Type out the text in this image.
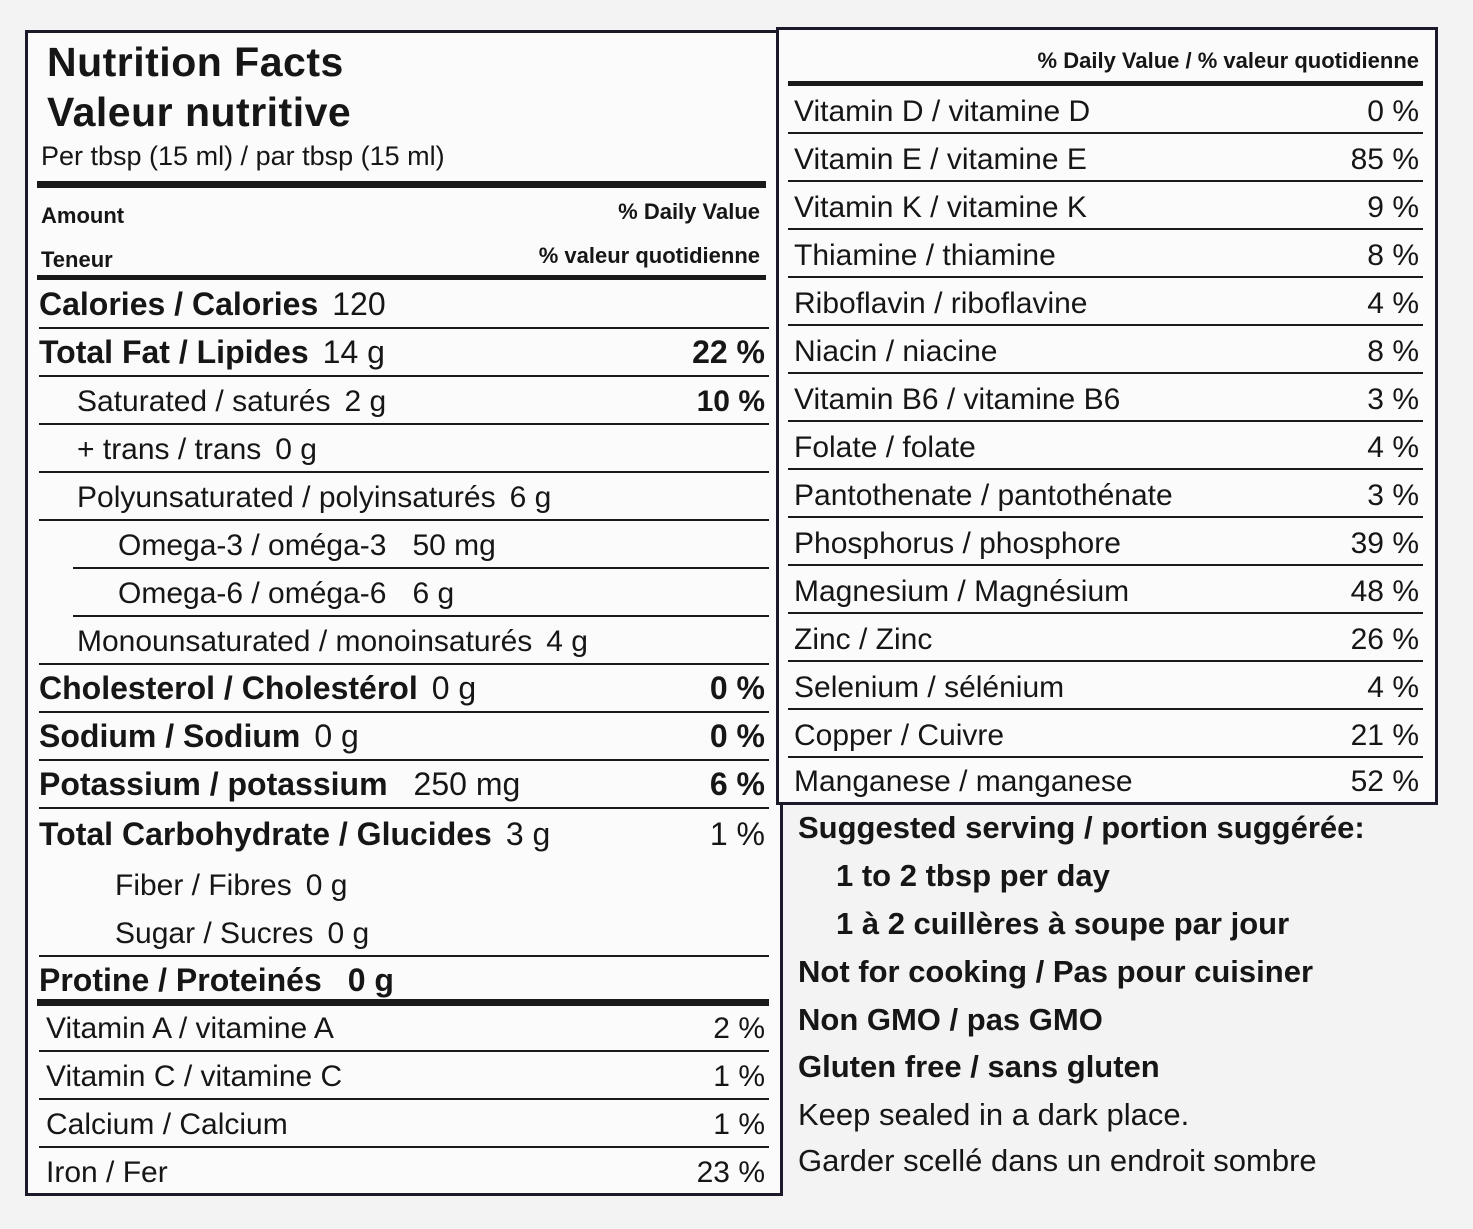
Nutrition Facts
Valeur nutritive
Per tbsp (15 ml) / par tbsp (15 ml)
Amount	% Daily Value
Teneur	% valeur quotidienne
Calories / Calories 120
Total Fat / Lipides 14 g	22 %
Saturated / saturés 2 g	10 %
+ trans / trans 0 g
Polyunsaturated / polyinsaturés 6 g
Omega-3 / oméga-3 50 mg
Omega-6 / oméga-6 6 g
Monounsaturated / monoinsaturés 4 g
Cholesterol / Cholestérol 0 g	0 %
Sodium / Sodium 0 g	0 %
Potassium / potassium 250 mg	6 %
Total Carbohydrate / Glucides 3 g	1 %
Fiber / Fibres 0 g
Sugar / Sucres 0 g
Protine / Proteinés 0 g
Vitamin A / vitamine A	2 %
Vitamin C / vitamine C	1 %
Calcium / Calcium	1 %
Iron / Fer	23 %
% Daily Value / % valeur quotidienne
Vitamin D / vitamine D	0 %
Vitamin E / vitamine E	85 %
Vitamin K / vitamine K	9 %
Thiamine / thiamine	8 %
Riboflavin / riboflavine	4 %
Niacin / niacine	8 %
Vitamin B6 / vitamine B6	3 %
Folate / folate	4 %
Pantothenate / pantothénate	3 %
Phosphorus / phosphore	39 %
Magnesium / Magnésium	48 %
Zinc / Zinc	26 %
Selenium / sélénium	4 %
Copper / Cuivre	21 %
Manganese / manganese	52 %
Suggested serving / portion suggérée:
1 to 2 tbsp per day
1 à 2 cuillères à soupe par jour
Not for cooking / Pas pour cuisiner
Non GMO / pas GMO
Gluten free / sans gluten
Keep sealed in a dark place.
Garder scellé dans un endroit sombre
